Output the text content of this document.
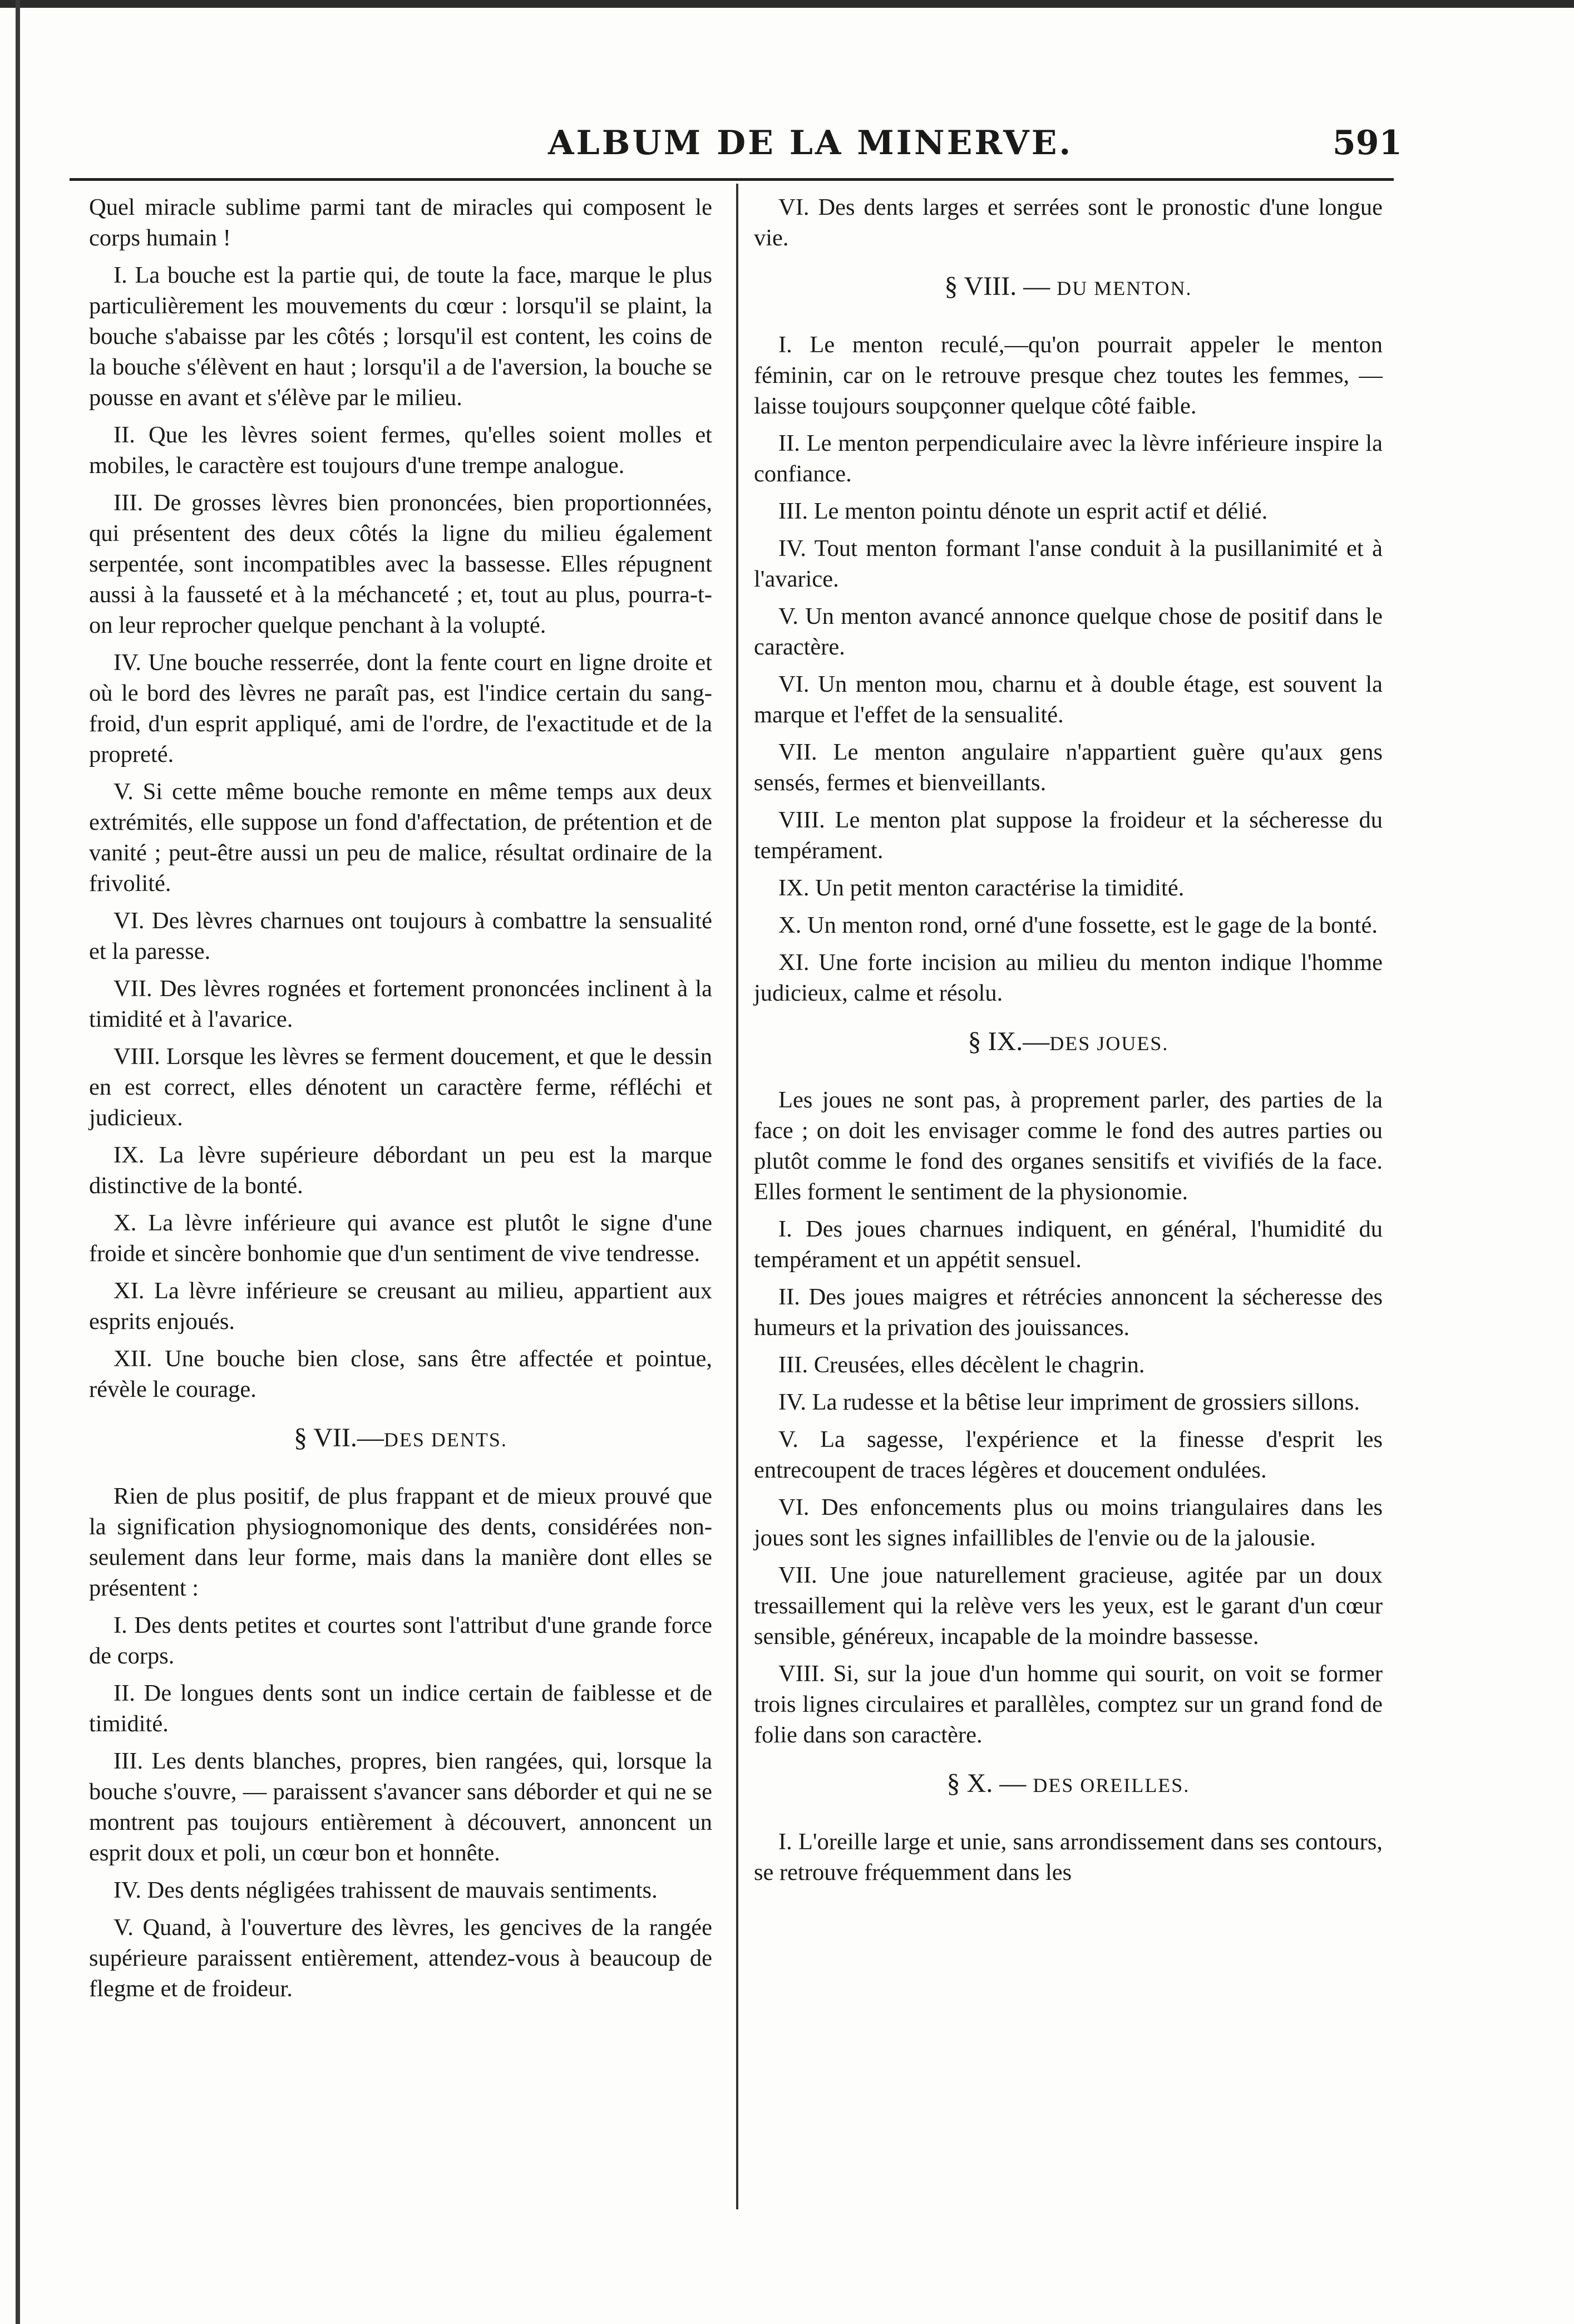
ALBUM DE LA MINERVE.	591

Quel miracle sublime parmi tant de miracles qui composent le corps humain !

I. La bouche est la partie qui, de toute la face, marque le plus particulièrement les mouvements du cœur : lorsqu'il se plaint, la bouche s'abaisse par les côtés ; lorsqu'il est content, les coins de la bouche s'élèvent en haut ; lorsqu'il a de l'aversion, la bouche se pousse en avant et s'élève par le milieu.

II. Que les lèvres soient fermes, qu'elles soient molles et mobiles, le caractère est toujours d'une trempe analogue.

III. De grosses lèvres bien prononcées, bien proportionnées, qui présentent des deux côtés la ligne du milieu également serpentée, sont incompatibles avec la bassesse. Elles répugnent aussi à la fausseté et à la méchanceté ; et, tout au plus, pourra-t-on leur reprocher quelque penchant à la volupté.

IV. Une bouche resserrée, dont la fente court en ligne droite et où le bord des lèvres ne paraît pas, est l'indice certain du sang-froid, d'un esprit appliqué, ami de l'ordre, de l'exactitude et de la propreté.

V. Si cette même bouche remonte en même temps aux deux extrémités, elle suppose un fond d'affectation, de prétention et de vanité ; peut-être aussi un peu de malice, résultat ordinaire de la frivolité.

VI. Des lèvres charnues ont toujours à combattre la sensualité et la paresse.

VII. Des lèvres rognées et fortement prononcées inclinent à la timidité et à l'avarice.

VIII. Lorsque les lèvres se ferment doucement, et que le dessin en est correct, elles dénotent un caractère ferme, réfléchi et judicieux.

IX. La lèvre supérieure débordant un peu est la marque distinctive de la bonté.

X. La lèvre inférieure qui avance est plutôt le signe d'une froide et sincère bonhomie que d'un sentiment de vive tendresse.

XI. La lèvre inférieure se creusant au milieu, appartient aux esprits enjoués.

XII. Une bouche bien close, sans être affectée et pointue, révèle le courage.

§ VII.—DES DENTS.

Rien de plus positif, de plus frappant et de mieux prouvé que la signification physiognomonique des dents, considérées non-seulement dans leur forme, mais dans la manière dont elles se présentent :

I. Des dents petites et courtes sont l'attribut d'une grande force de corps.

II. De longues dents sont un indice certain de faiblesse et de timidité.

III. Les dents blanches, propres, bien rangées, qui, lorsque la bouche s'ouvre, — paraissent s'avancer sans déborder et qui ne se montrent pas toujours entièrement à découvert, annoncent un esprit doux et poli, un cœur bon et honnête.

IV. Des dents négligées trahissent de mauvais sentiments.

V. Quand, à l'ouverture des lèvres, les gencives de la rangée supérieure paraissent entièrement, attendez-vous à beaucoup de flegme et de froideur.

VI. Des dents larges et serrées sont le pronostic d'une longue vie.

§ VIII. — DU MENTON.

I. Le menton reculé,—qu'on pourrait appeler le menton féminin, car on le retrouve presque chez toutes les femmes, — laisse toujours soupçonner quelque côté faible.

II. Le menton perpendiculaire avec la lèvre inférieure inspire la confiance.

III. Le menton pointu dénote un esprit actif et délié.

IV. Tout menton formant l'anse conduit à la pusillanimité et à l'avarice.

V. Un menton avancé annonce quelque chose de positif dans le caractère.

VI. Un menton mou, charnu et à double étage, est souvent la marque et l'effet de la sensualité.

VII. Le menton angulaire n'appartient guère qu'aux gens sensés, fermes et bienveillants.

VIII. Le menton plat suppose la froideur et la sécheresse du tempérament.

IX. Un petit menton caractérise la timidité.

X. Un menton rond, orné d'une fossette, est le gage de la bonté.

XI. Une forte incision au milieu du menton indique l'homme judicieux, calme et résolu.

§ IX.—DES JOUES.

Les joues ne sont pas, à proprement parler, des parties de la face ; on doit les envisager comme le fond des autres parties ou plutôt comme le fond des organes sensitifs et vivifiés de la face. Elles forment le sentiment de la physionomie.

I. Des joues charnues indiquent, en général, l'humidité du tempérament et un appétit sensuel.

II. Des joues maigres et rétrécies annoncent la sécheresse des humeurs et la privation des jouissances.

III. Creusées, elles décèlent le chagrin.

IV. La rudesse et la bêtise leur impriment de grossiers sillons.

V. La sagesse, l'expérience et la finesse d'esprit les entrecoupent de traces légères et doucement ondulées.

VI. Des enfoncements plus ou moins triangulaires dans les joues sont les signes infaillibles de l'envie ou de la jalousie.

VII. Une joue naturellement gracieuse, agitée par un doux tressaillement qui la relève vers les yeux, est le garant d'un cœur sensible, généreux, incapable de la moindre bassesse.

VIII. Si, sur la joue d'un homme qui sourit, on voit se former trois lignes circulaires et parallèles, comptez sur un grand fond de folie dans son caractère.

§ X. — DES OREILLES.

I. L'oreille large et unie, sans arrondissement dans ses contours, se retrouve fréquemment dans les
